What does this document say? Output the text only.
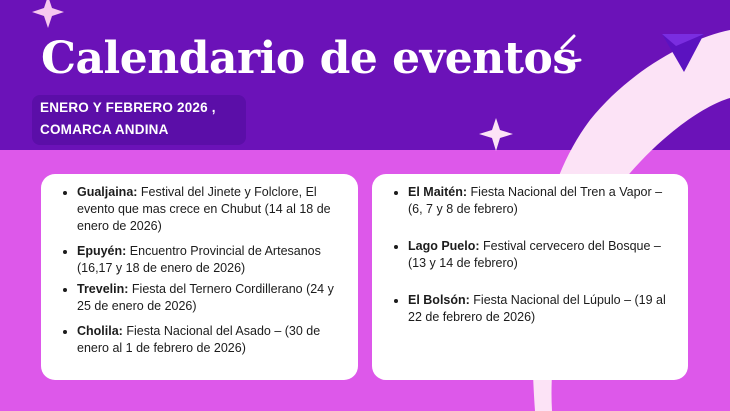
Calendario de eventos
ENERO Y FEBRERO 2026 ,
COMARCA ANDINA
Gualjaina: Festival del Jinete y Folclore, El evento que mas crece en Chubut (14 al 18 de enero de 2026)
Epuyén: Encuentro Provincial de Artesanos (16,17 y 18 de enero de 2026)
Trevelin: Fiesta del Ternero Cordillerano (24 y 25 de enero de 2026)
Cholila: Fiesta Nacional del Asado – (30 de enero al 1 de febrero de 2026)
El Maitén: Fiesta Nacional del Tren a Vapor – (6, 7 y 8 de febrero)
Lago Puelo: Festival cervecero del Bosque – (13 y 14 de febrero)
El Bolsón: Fiesta Nacional del Lúpulo – (19 al 22 de febrero de 2026)
